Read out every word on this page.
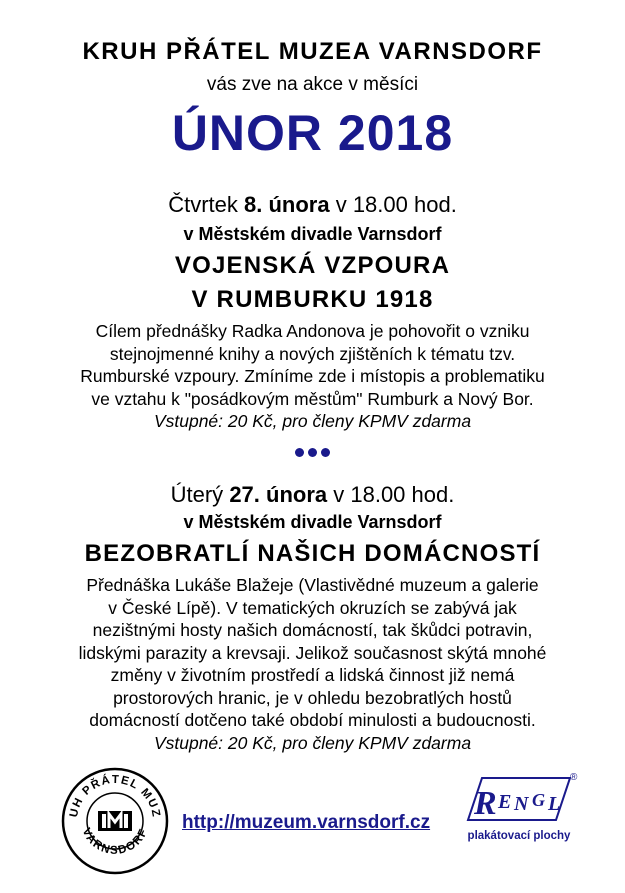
KRUH PŘÁTEL MUZEA VARNSDORF
vás zve na akce v měsíci
ÚNOR 2018
Čtvrtek 8. února v 18.00 hod.
v Městském divadle Varnsdorf
VOJENSKÁ VZPOURA
V RUMBURKU 1918
Cílem přednášky Radka Andonova je pohovořit o vzniku
stejnojmenné knihy a nových zjištěních k tématu tzv.
Rumburské vzpoury. Zmíníme zde i místopis a problematiku
ve vztahu k "posádkovým městům" Rumburk a Nový Bor.
Vstupné: 20 Kč, pro členy KPMV zdarma
Úterý 27. února v 18.00 hod.
v Městském divadle Varnsdorf
BEZOBRATLÍ NAŠICH DOMÁCNOSTÍ
Přednáška Lukáše Blažeje (Vlastivědné muzeum a galerie
v České Lípě). V tematických okruzích se zabývá jak
nezištnými hosty našich domácností, tak škůdci potravin,
lidskými parazity a krevsaji. Jelikož současnost skýtá mnohé
změny v životním prostředí a lidská činnost již nemá
prostorových hranic, je v ohledu bezobratlých hostů
domácností dotčeno také období minulosti a budoucnosti.
Vstupné: 20 Kč, pro členy KPMV zdarma
UH PŘÁTEL MUZ
VARNSDORF http://muzeum.varnsdorf.cz
R E N G L
®
plakátovací plochy
